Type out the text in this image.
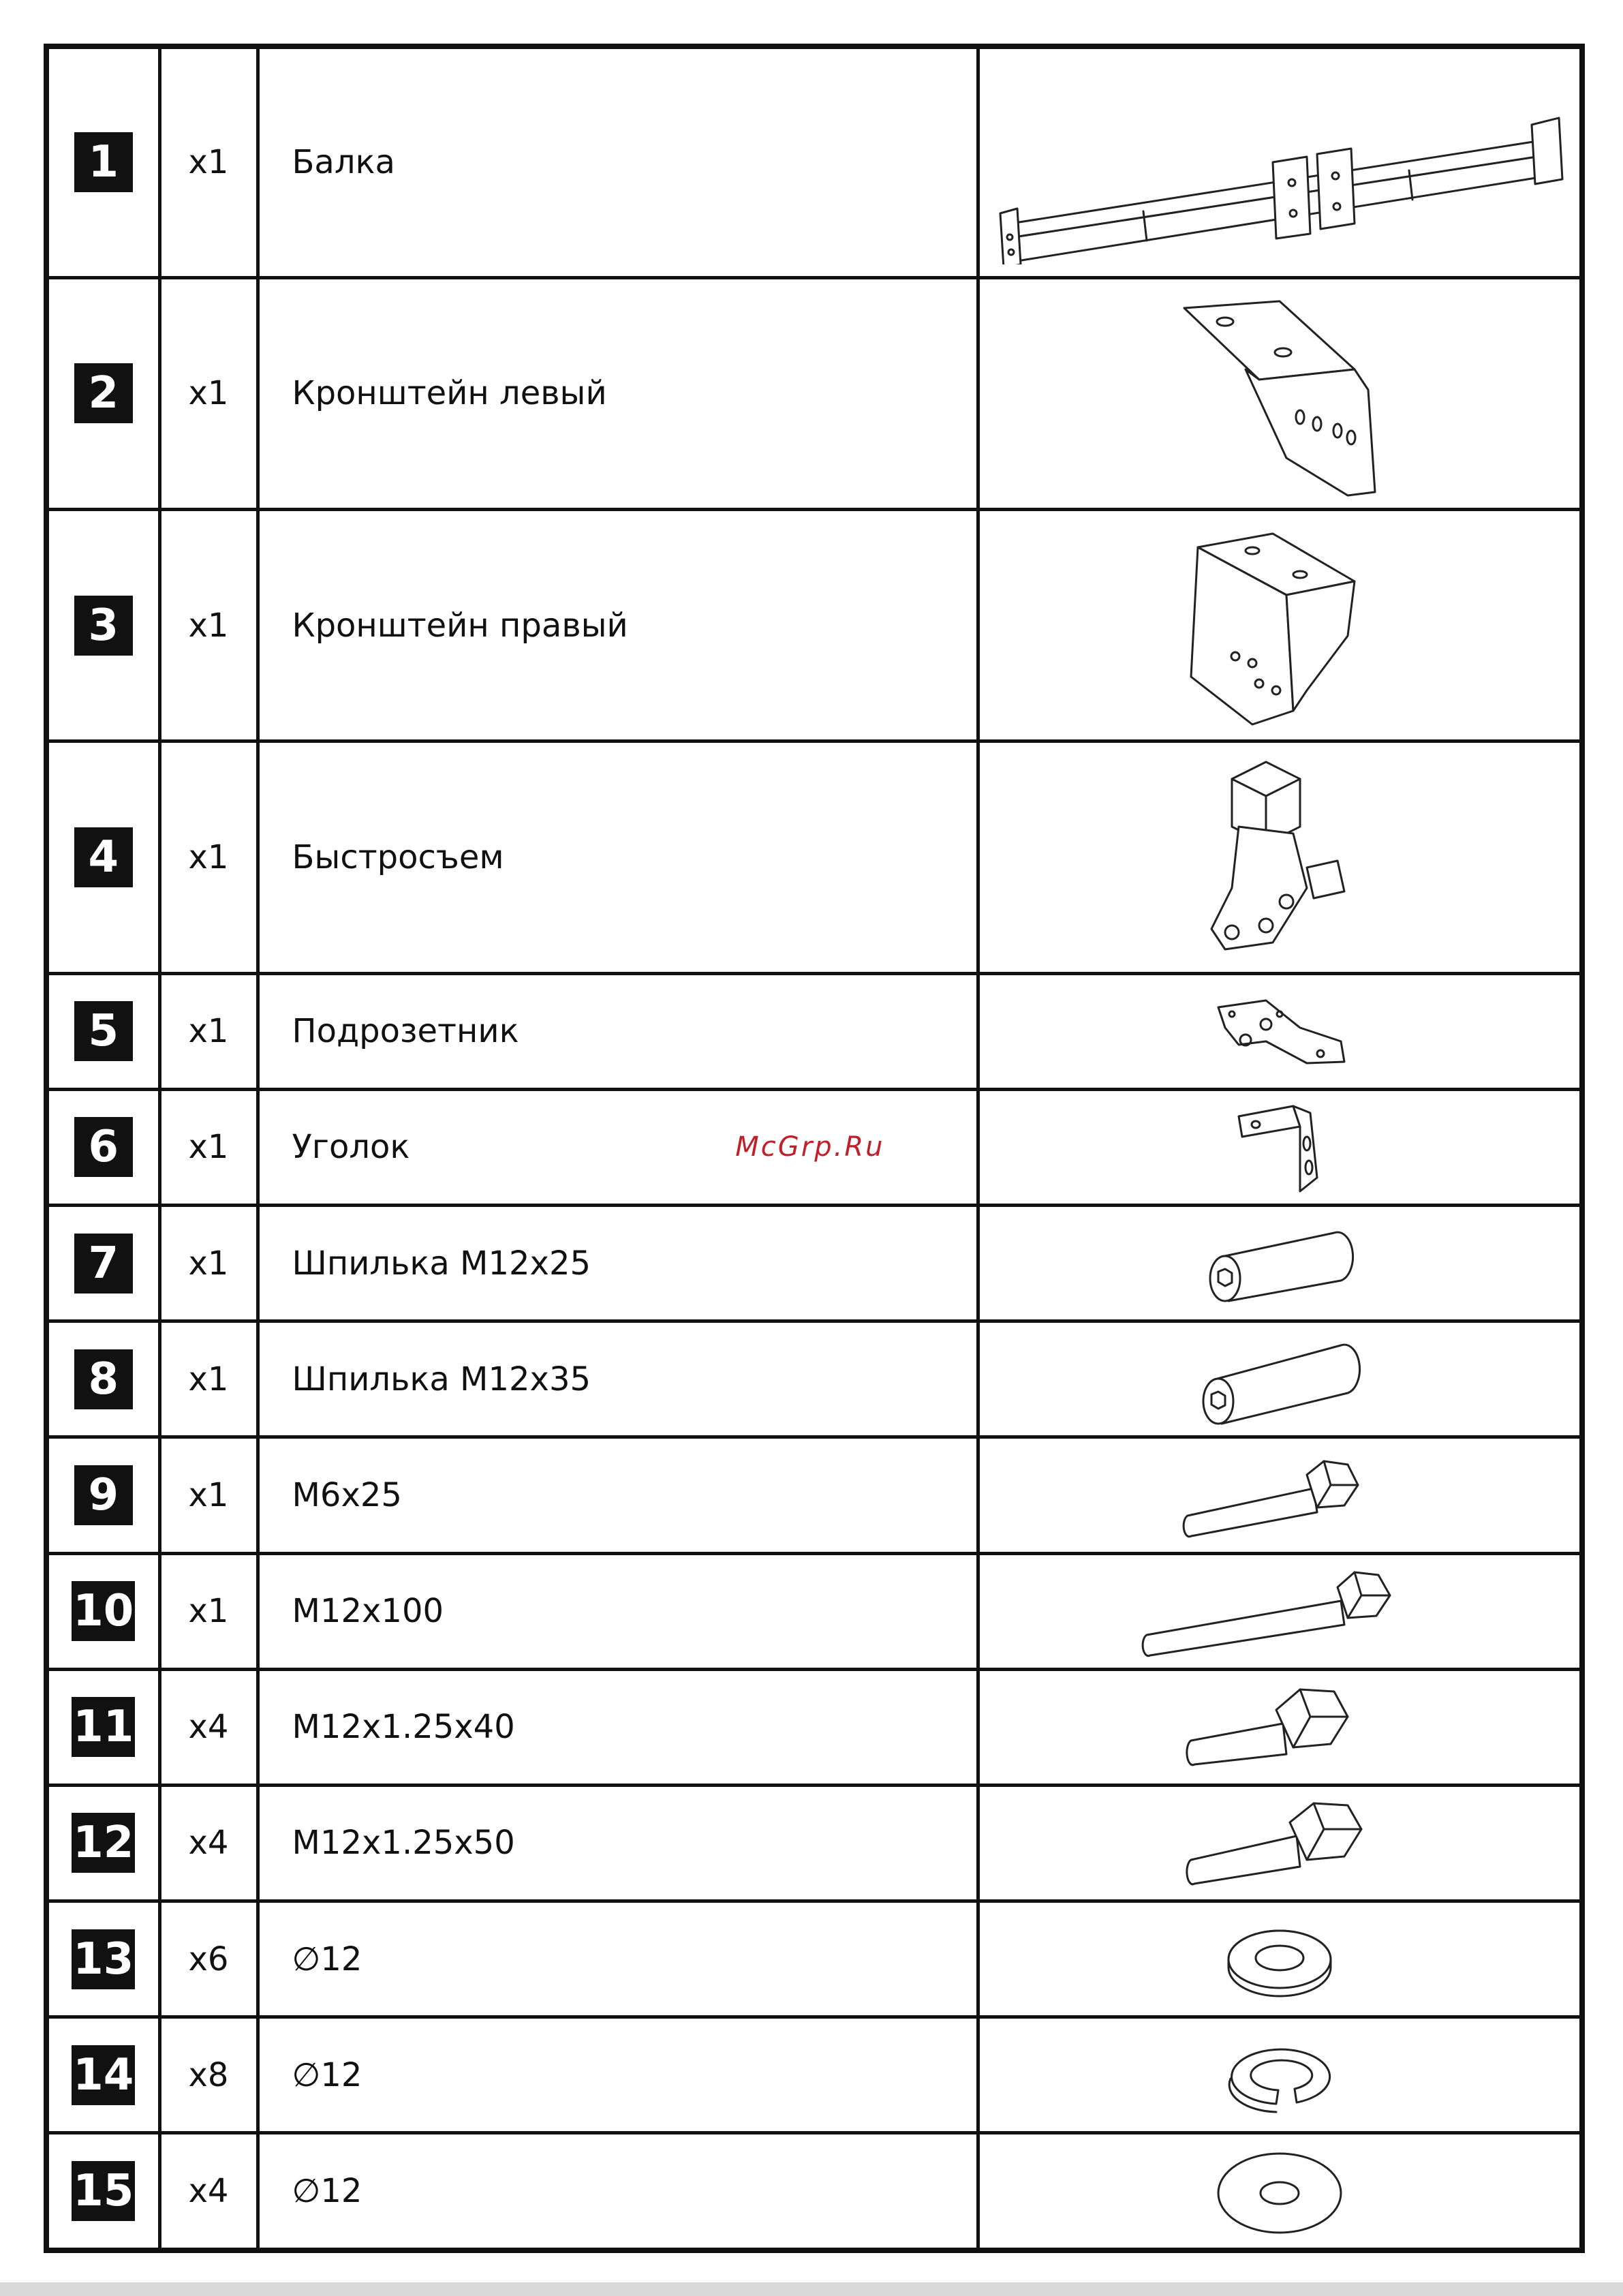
1	x1	Балка	

2	x1	Кронштейн левый	

3	x1	Кронштейн правый	

4	x1	Быстросъем	

5	x1	Подрозетник	

6	x1	Уголок McGrp.Ru

7	x1	Шпилька М12х25	

8	x1	Шпилька М12х35	

9	x1	М6х25	

10	x1	М12х100	

11	x4	М12х1.25х40	

12	x4	М12х1.25х50	

13	x6	∅12	

14	x8	∅12	

15	x4	∅12	
